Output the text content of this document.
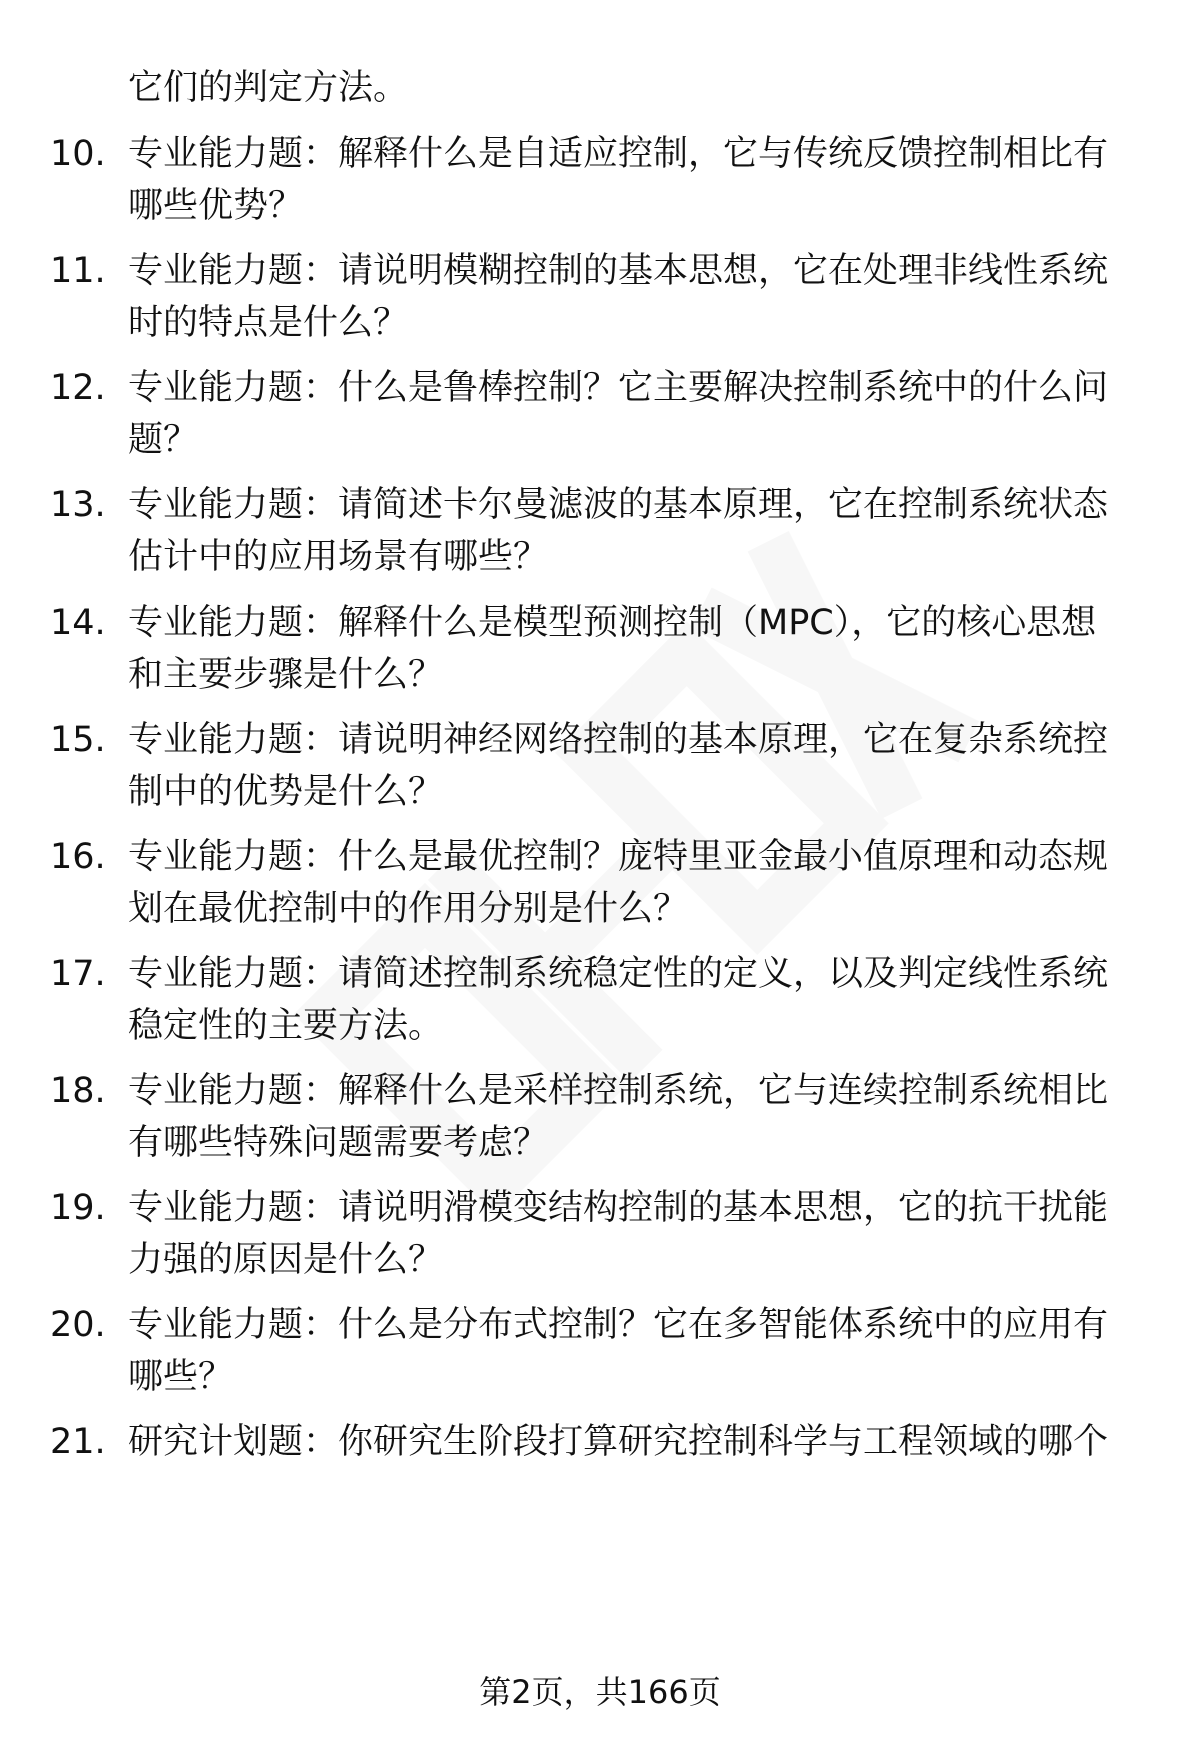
它们的判定方法。
10. 专业能力题：解释什么是自适应控制，它与传统反馈控制相比有
哪些优势？
11. 专业能力题：请说明模糊控制的基本思想，它在处理非线性系统
时的特点是什么？
12. 专业能力题：什么是鲁棒控制？它主要解决控制系统中的什么问
题？
13. 专业能力题：请简述卡尔曼滤波的基本原理，它在控制系统状态
估计中的应用场景有哪些？
14. 专业能力题：解释什么是模型预测控制（MPC），它的核心思想
和主要步骤是什么？
15. 专业能力题：请说明神经网络控制的基本原理，它在复杂系统控
制中的优势是什么？
16. 专业能力题：什么是最优控制？庞特里亚金最小值原理和动态规
划在最优控制中的作用分别是什么？
17. 专业能力题：请简述控制系统稳定性的定义，以及判定线性系统
稳定性的主要方法。
18. 专业能力题：解释什么是采样控制系统，它与连续控制系统相比
有哪些特殊问题需要考虑？
19. 专业能力题：请说明滑模变结构控制的基本思想，它的抗干扰能
力强的原因是什么？
20. 专业能力题：什么是分布式控制？它在多智能体系统中的应用有
哪些？
21. 研究计划题：你研究生阶段打算研究控制科学与工程领域的哪个
第2页，共166页
